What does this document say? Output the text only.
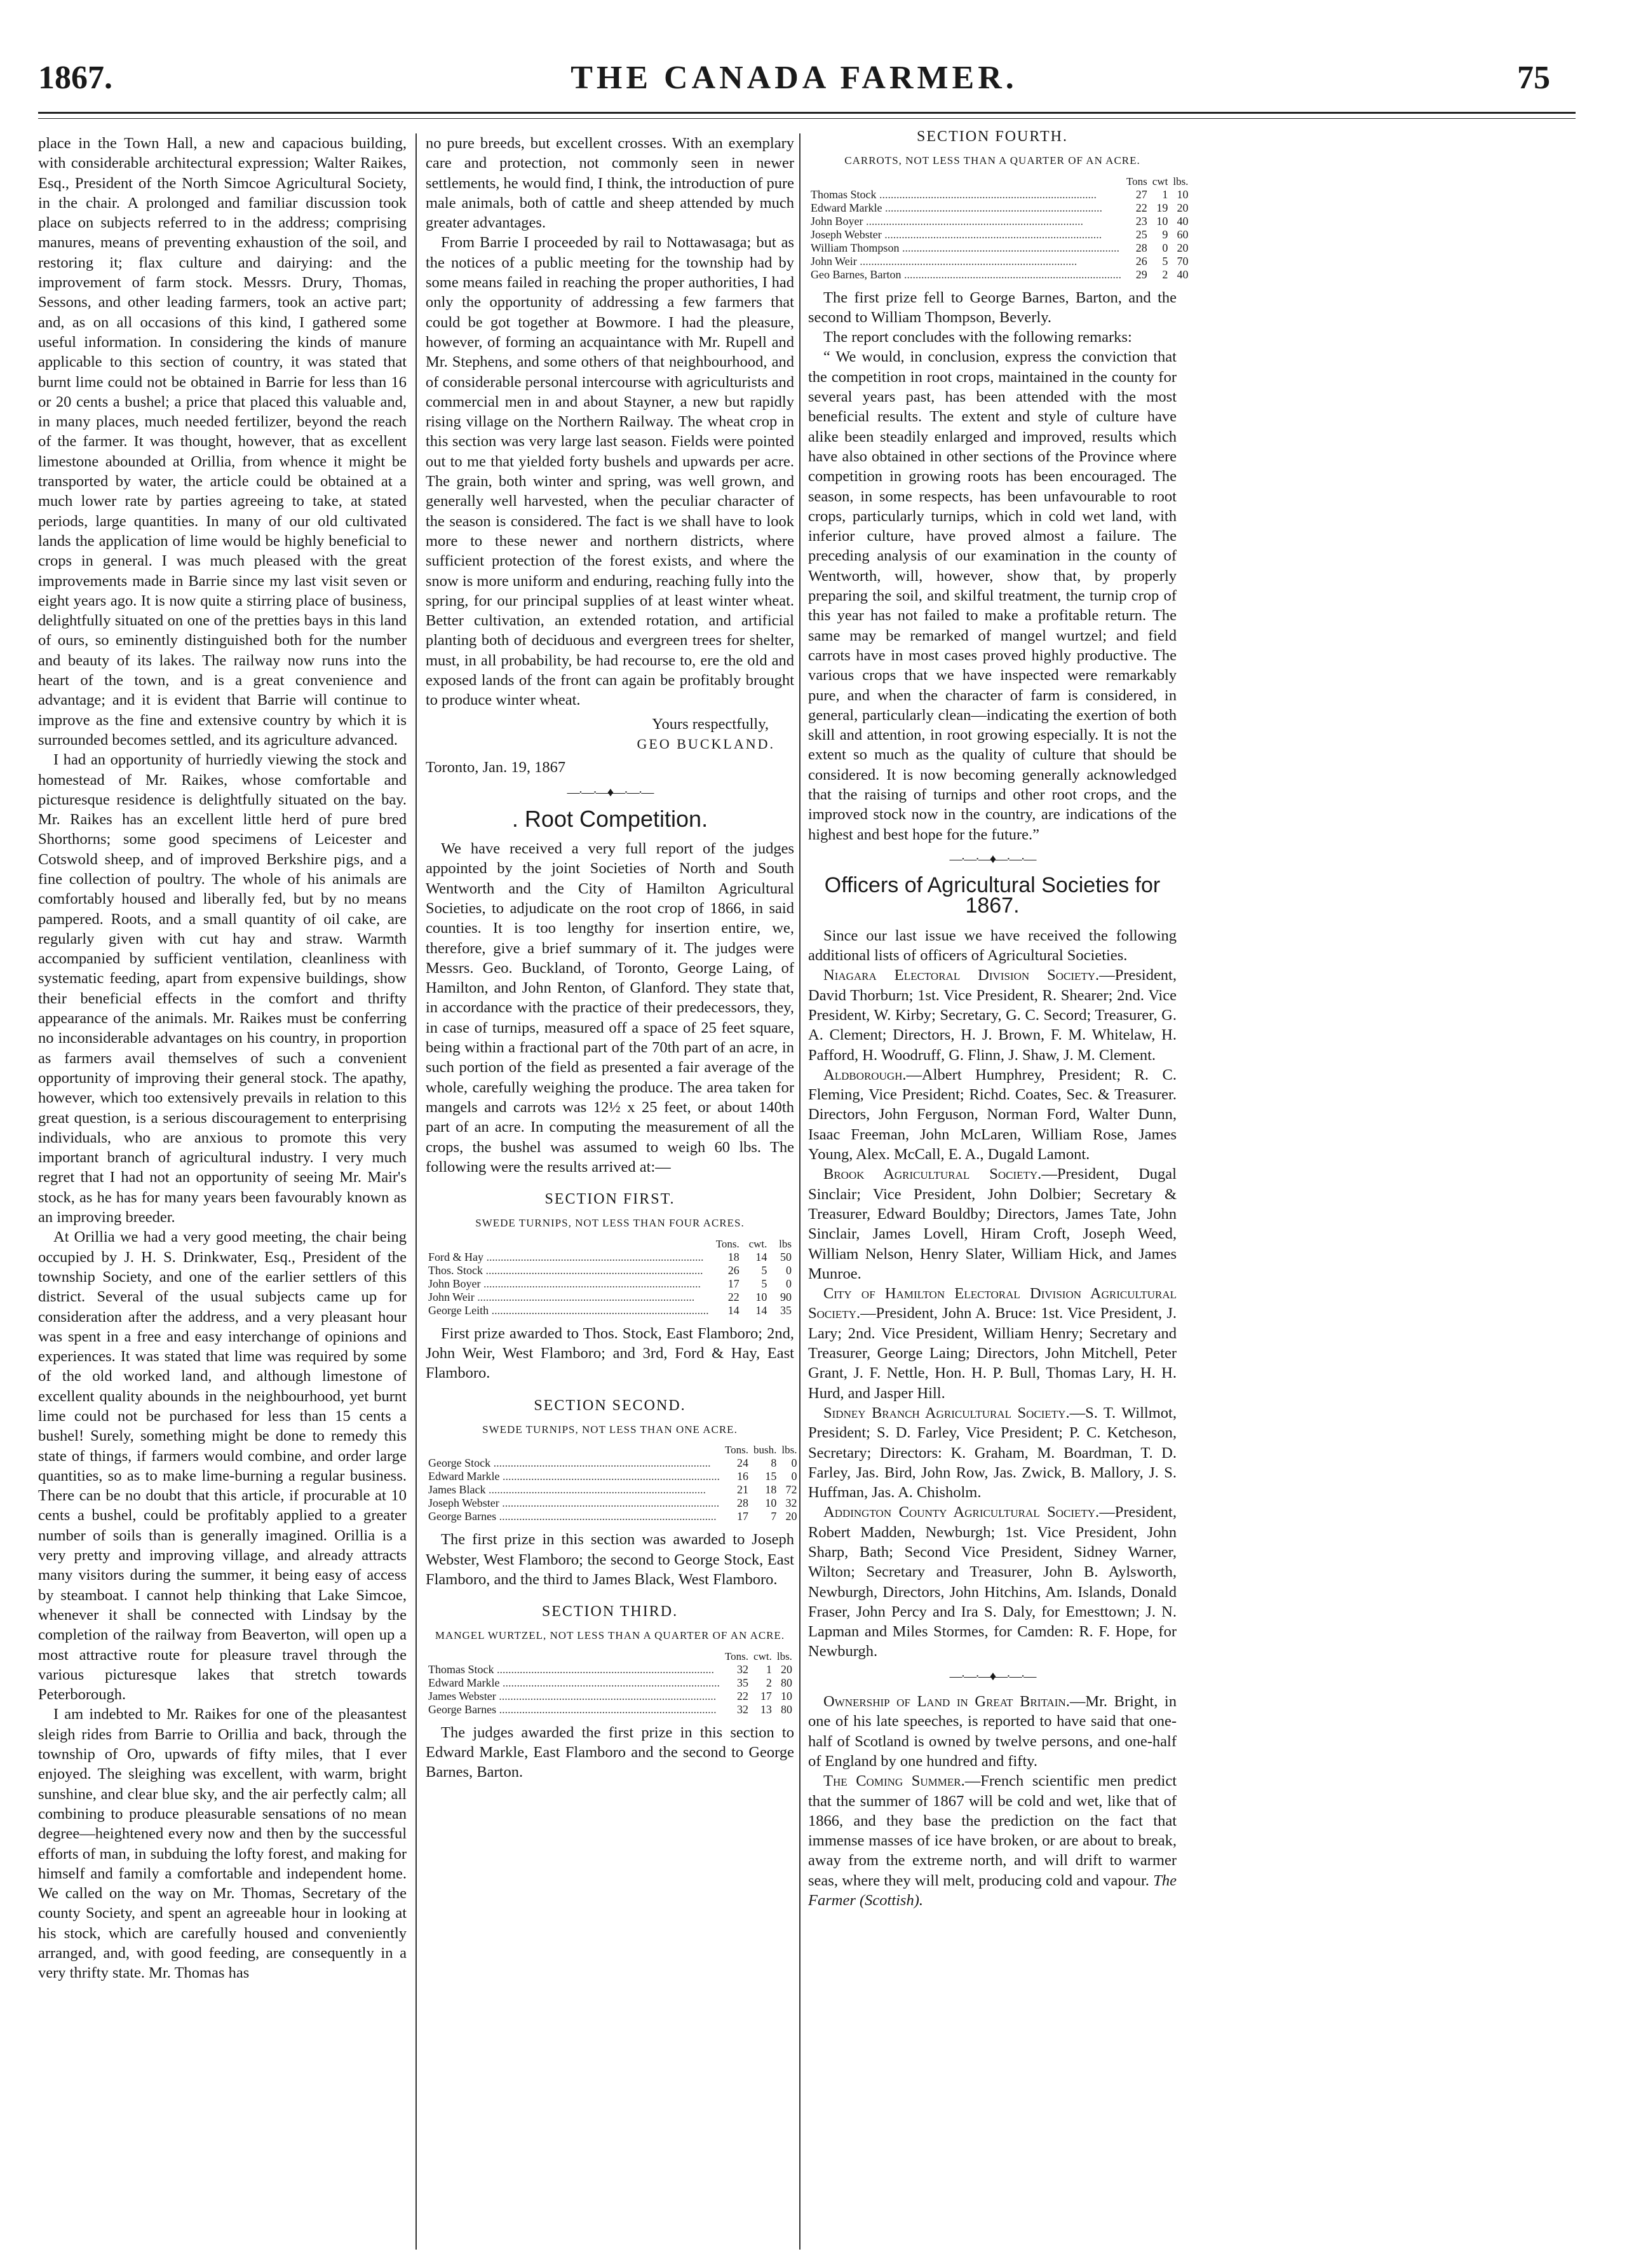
1867.	THE CANADA FARMER.	75

place in the Town Hall, a new and capacious building, with considerable architectural expression; Walter Raikes, Esq., President of the North Simcoe Agricultural Society, in the chair. A prolonged and familiar discussion took place on subjects referred to in the address; comprising manures, means of preventing exhaustion of the soil, and restoring it; flax culture and dairying: and the improvement of farm stock. Messrs. Drury, Thomas, Sessons, and other leading farmers, took an active part; and, as on all occasions of this kind, I gathered some useful information. In considering the kinds of manure applicable to this section of country, it was stated that burnt lime could not be obtained in Barrie for less than 16 or 20 cents a bushel; a price that placed this valuable and, in many places, much needed fertilizer, beyond the reach of the farmer. It was thought, however, that as excellent limestone abounded at Orillia, from whence it might be transported by water, the article could be obtained at a much lower rate by parties agreeing to take, at stated periods, large quantities. In many of our old cultivated lands the application of lime would be highly beneficial to crops in general. I was much pleased with the great improvements made in Barrie since my last visit seven or eight years ago. It is now quite a stirring place of business, delightfully situated on one of the pretties bays in this land of ours, so eminently distinguished both for the number and beauty of its lakes. The railway now runs into the heart of the town, and is a great convenience and advantage; and it is evident that Barrie will continue to improve as the fine and extensive country by which it is surrounded becomes settled, and its agriculture advanced.

I had an opportunity of hurriedly viewing the stock and homestead of Mr. Raikes, whose comfortable and picturesque residence is delightfully situated on the bay. Mr. Raikes has an excellent little herd of pure bred Shorthorns; some good specimens of Leicester and Cotswold sheep, and of improved Berkshire pigs, and a fine collection of poultry. The whole of his animals are comfortably housed and liberally fed, but by no means pampered. Roots, and a small quantity of oil cake, are regularly given with cut hay and straw. Warmth accompanied by sufficient ventilation, cleanliness with systematic feeding, apart from expensive buildings, show their beneficial effects in the comfort and thrifty appearance of the animals. Mr. Raikes must be conferring no inconsiderable advantages on his country, in proportion as farmers avail themselves of such a convenient opportunity of improving their general stock. The apathy, however, which too extensively prevails in relation to this great question, is a serious discouragement to enterprising individuals, who are anxious to promote this very important branch of agricultural industry. I very much regret that I had not an opportunity of seeing Mr. Mair's stock, as he has for many years been favourably known as an improving breeder.

At Orillia we had a very good meeting, the chair being occupied by J. H. S. Drinkwater, Esq., President of the township Society, and one of the earlier settlers of this district. Several of the usual subjects came up for consideration after the address, and a very pleasant hour was spent in a free and easy interchange of opinions and experiences. It was stated that lime was required by some of the old worked land, and although limestone of excellent quality abounds in the neighbourhood, yet burnt lime could not be purchased for less than 15 cents a bushel! Surely, something might be done to remedy this state of things, if farmers would combine, and order large quantities, so as to make lime-burning a regular business. There can be no doubt that this article, if procurable at 10 cents a bushel, could be profitably applied to a greater number of soils than is generally imagined. Orillia is a very pretty and improving village, and already attracts many visitors during the summer, it being easy of access by steamboat. I cannot help thinking that Lake Simcoe, whenever it shall be connected with Lindsay by the completion of the railway from Beaverton, will open up a most attractive route for pleasure travel through the various picturesque lakes that stretch towards Peterborough.

I am indebted to Mr. Raikes for one of the pleasantest sleigh rides from Barrie to Orillia and back, through the township of Oro, upwards of fifty miles, that I ever enjoyed. The sleighing was excellent, with warm, bright sunshine, and clear blue sky, and the air perfectly calm; all combining to produce pleasurable sensations of no mean degree—heightened every now and then by the successful efforts of man, in subduing the lofty forest, and making for himself and family a comfortable and independent home. We called on the way on Mr. Thomas, Secretary of the county Society, and spent an agreeable hour in looking at his stock, which are carefully housed and conveniently arranged, and, with good feeding, are consequently in a very thrifty state. Mr. Thomas has

no pure breeds, but excellent crosses. With an exemplary care and protection, not commonly seen in newer settlements, he would find, I think, the introduction of pure male animals, both of cattle and sheep attended by much greater advantages.

From Barrie I proceeded by rail to Nottawasaga; but as the notices of a public meeting for the township had by some means failed in reaching the proper authorities, I had only the opportunity of addressing a few farmers that could be got together at Bowmore. I had the pleasure, however, of forming an acquaintance with Mr. Rupell and Mr. Stephens, and some others of that neighbourhood, and of considerable personal intercourse with agriculturists and commercial men in and about Stayner, a new but rapidly rising village on the Northern Railway. The wheat crop in this section was very large last season. Fields were pointed out to me that yielded forty bushels and upwards per acre. The grain, both winter and spring, was well grown, and generally well harvested, when the peculiar character of the season is considered. The fact is we shall have to look more to these newer and northern districts, where sufficient protection of the forest exists, and where the snow is more uniform and enduring, reaching fully into the spring, for our principal supplies of at least winter wheat. Better cultivation, an extended rotation, and artificial planting both of deciduous and evergreen trees for shelter, must, in all probability, be had recourse to, ere the old and exposed lands of the front can again be profitably brought to produce winter wheat.

Yours respectfully,
GEO BUCKLAND.
Toronto, Jan. 19, 1867
—·—·—♦—·—·—
. Root Competition.

We have received a very full report of the judges appointed by the joint Societies of North and South Wentworth and the City of Hamilton Agricultural Societies, to adjudicate on the root crop of 1866, in said counties. It is too lengthy for insertion entire, we, therefore, give a brief summary of it. The judges were Messrs. Geo. Buckland, of Toronto, George Laing, of Hamilton, and John Renton, of Glanford. They state that, in accordance with the practice of their predecessors, they, in case of turnips, measured off a space of 25 feet square, being within a fractional part of the 70th part of an acre, in such portion of the field as presented a fair average of the whole, carefully weighing the produce. The area taken for mangels and carrots was 12½ x 25 feet, or about 140th part of an acre. In computing the measurement of all the crops, the bushel was assumed to weigh 60 lbs. The following were the results arrived at:—

SECTION FIRST.
SWEDE TURNIPS, NOT LESS THAN FOUR ACRES.
	Tons.	cwt.	lbs
Ford & Hay .....	18	14	50
Thos. Stock .....	26	5	0
John Boyer .....	17	5	0
John Weir .....	22	10	90
George Leith .....	14	14	35

First prize awarded to Thos. Stock, East Flamboro; 2nd, John Weir, West Flamboro; and 3rd, Ford & Hay, East Flamboro.

SECTION SECOND.
SWEDE TURNIPS, NOT LESS THAN ONE ACRE.
	Tons.	bush.	lbs.
George Stock .....	24	8	0
Edward Markle .....	16	15	0
James Black .....	21	18	72
Joseph Webster .....	28	10	32
George Barnes .....	17	7	20

The first prize in this section was awarded to Joseph Webster, West Flamboro; the second to George Stock, East Flamboro, and the third to James Black, West Flamboro.

SECTION THIRD.
MANGEL WURTZEL, NOT LESS THAN A QUARTER OF AN ACRE.
	Tons.	cwt.	lbs.
Thomas Stock .....	32	1	20
Edward Markle .....	35	2	80
James Webster .....	22	17	10
George Barnes .....	32	13	80

The judges awarded the first prize in this section to Edward Markle, East Flamboro and the second to George Barnes, Barton.

SECTION FOURTH.
CARROTS, NOT LESS THAN A QUARTER OF AN ACRE.
	Tons	cwt	lbs.
Thomas Stock .....	27	1	10
Edward Markle .....	22	19	20
John Boyer .....	23	10	40
Joseph Webster .....	25	9	60
William Thompson .....	28	0	20
John Weir .....	26	5	70
Geo Barnes, Barton .....	29	2	40

The first prize fell to George Barnes, Barton, and the second to William Thompson, Beverly.

The report concludes with the following remarks:

“ We would, in conclusion, express the conviction that the competition in root crops, maintained in the county for several years past, has been attended with the most beneficial results. The extent and style of culture have alike been steadily enlarged and improved, results which have also obtained in other sections of the Province where competition in growing roots has been encouraged. The season, in some respects, has been unfavourable to root crops, particularly turnips, which in cold wet land, with inferior culture, have proved almost a failure. The preceding analysis of our examination in the county of Wentworth, will, however, show that, by properly preparing the soil, and skilful treatment, the turnip crop of this year has not failed to make a profitable return. The same may be remarked of mangel wurtzel; and field carrots have in most cases proved highly productive. The various crops that we have inspected were remarkably pure, and when the character of farm is considered, in general, particularly clean—indicating the exertion of both skill and attention, in root growing especially. It is not the extent so much as the quality of culture that should be considered. It is now becoming generally acknowledged that the raising of turnips and other root crops, and the improved stock now in the country, are indications of the highest and best hope for the future.”

—·—·—♦—·—·—
Officers of Agricultural Societies for 1867.

Since our last issue we have received the following additional lists of officers of Agricultural Societies.

Niagara Electoral Division Society.—President, David Thorburn; 1st. Vice President, R. Shearer; 2nd. Vice President, W. Kirby; Secretary, G. C. Secord; Treasurer, G. A. Clement; Directors, H. J. Brown, F. M. Whitelaw, H. Pafford, H. Woodruff, G. Flinn, J. Shaw, J. M. Clement.

Aldborough.—Albert Humphrey, President; R. C. Fleming, Vice President; Richd. Coates, Sec. & Treasurer. Directors, John Ferguson, Norman Ford, Walter Dunn, Isaac Freeman, John McLaren, William Rose, James Young, Alex. McCall, E. A., Dugald Lamont.

Brook Agricultural Society.—President, Dugal Sinclair; Vice President, John Dolbier; Secretary & Treasurer, Edward Bouldby; Directors, James Tate, John Sinclair, James Lovell, Hiram Croft, Joseph Weed, William Nelson, Henry Slater, William Hick, and James Munroe.

City of Hamilton Electoral Division Agricultural Society.—President, John A. Bruce: 1st. Vice President, J. Lary; 2nd. Vice President, William Henry; Secretary and Treasurer, George Laing; Directors, John Mitchell, Peter Grant, J. F. Nettle, Hon. H. P. Bull, Thomas Lary, H. H. Hurd, and Jasper Hill.

Sidney Branch Agricultural Society.—S. T. Willmot, President; S. D. Farley, Vice President; P. C. Ketcheson, Secretary; Directors: K. Graham, M. Boardman, T. D. Farley, Jas. Bird, John Row, Jas. Zwick, B. Mallory, J. S. Huffman, Jas. A. Chisholm.

Addington County Agricultural Society.—President, Robert Madden, Newburgh; 1st. Vice President, John Sharp, Bath; Second Vice President, Sidney Warner, Wilton; Secretary and Treasurer, John B. Aylsworth, Newburgh, Directors, John Hitchins, Am. Islands, Donald Fraser, John Percy and Ira S. Daly, for Emesttown; J. N. Lapman and Miles Stormes, for Camden: R. F. Hope, for Newburgh.

—·—·—♦—·—·—

Ownership of Land in Great Britain.—Mr. Bright, in one of his late speeches, is reported to have said that one-half of Scotland is owned by twelve persons, and one-half of England by one hundred and fifty.

The Coming Summer.—French scientific men predict that the summer of 1867 will be cold and wet, like that of 1866, and they base the prediction on the fact that immense masses of ice have broken, or are about to break, away from the extreme north, and will drift to warmer seas, where they will melt, producing cold and vapour. The Farmer (Scottish).
